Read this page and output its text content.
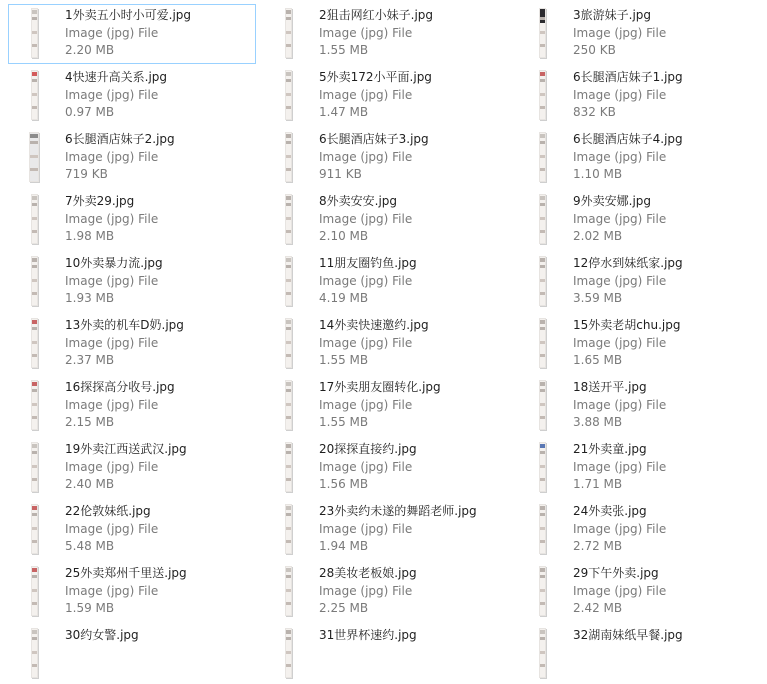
1外卖五小时小可爱.jpg
Image (jpg) File
2.20 MB
2狙击网红小妹子.jpg
Image (jpg) File
1.55 MB
3旅游妹子.jpg
Image (jpg) File
250 KB
4快速升高关系.jpg
Image (jpg) File
0.97 MB
5外卖172小平面.jpg
Image (jpg) File
1.47 MB
6长腿酒店妹子1.jpg
Image (jpg) File
832 KB
6长腿酒店妹子2.jpg
Image (jpg) File
719 KB
6长腿酒店妹子3.jpg
Image (jpg) File
911 KB
6长腿酒店妹子4.jpg
Image (jpg) File
1.10 MB
7外卖29.jpg
Image (jpg) File
1.98 MB
8外卖安安.jpg
Image (jpg) File
2.10 MB
9外卖安娜.jpg
Image (jpg) File
2.02 MB
10外卖暴力流.jpg
Image (jpg) File
1.93 MB
11朋友圈钓鱼.jpg
Image (jpg) File
4.19 MB
12停水到妹纸家.jpg
Image (jpg) File
3.59 MB
13外卖的机车D奶.jpg
Image (jpg) File
2.37 MB
14外卖快速邀约.jpg
Image (jpg) File
1.55 MB
15外卖老胡chu.jpg
Image (jpg) File
1.65 MB
16探探高分收号.jpg
Image (jpg) File
2.15 MB
17外卖朋友圈转化.jpg
Image (jpg) File
1.55 MB
18送开平.jpg
Image (jpg) File
3.88 MB
19外卖江西送武汉.jpg
Image (jpg) File
2.40 MB
20探探直接约.jpg
Image (jpg) File
1.56 MB
21外卖童.jpg
Image (jpg) File
1.71 MB
22伦敦妹纸.jpg
Image (jpg) File
5.48 MB
23外卖约未遂的舞蹈老师.jpg
Image (jpg) File
1.94 MB
24外卖张.jpg
Image (jpg) File
2.72 MB
25外卖郑州千里送.jpg
Image (jpg) File
1.59 MB
28美妆老板娘.jpg
Image (jpg) File
2.25 MB
29下午外卖.jpg
Image (jpg) File
2.42 MB
30约女警.jpg	31世界杯速约.jpg	32湖南妹纸早餐.jpg
